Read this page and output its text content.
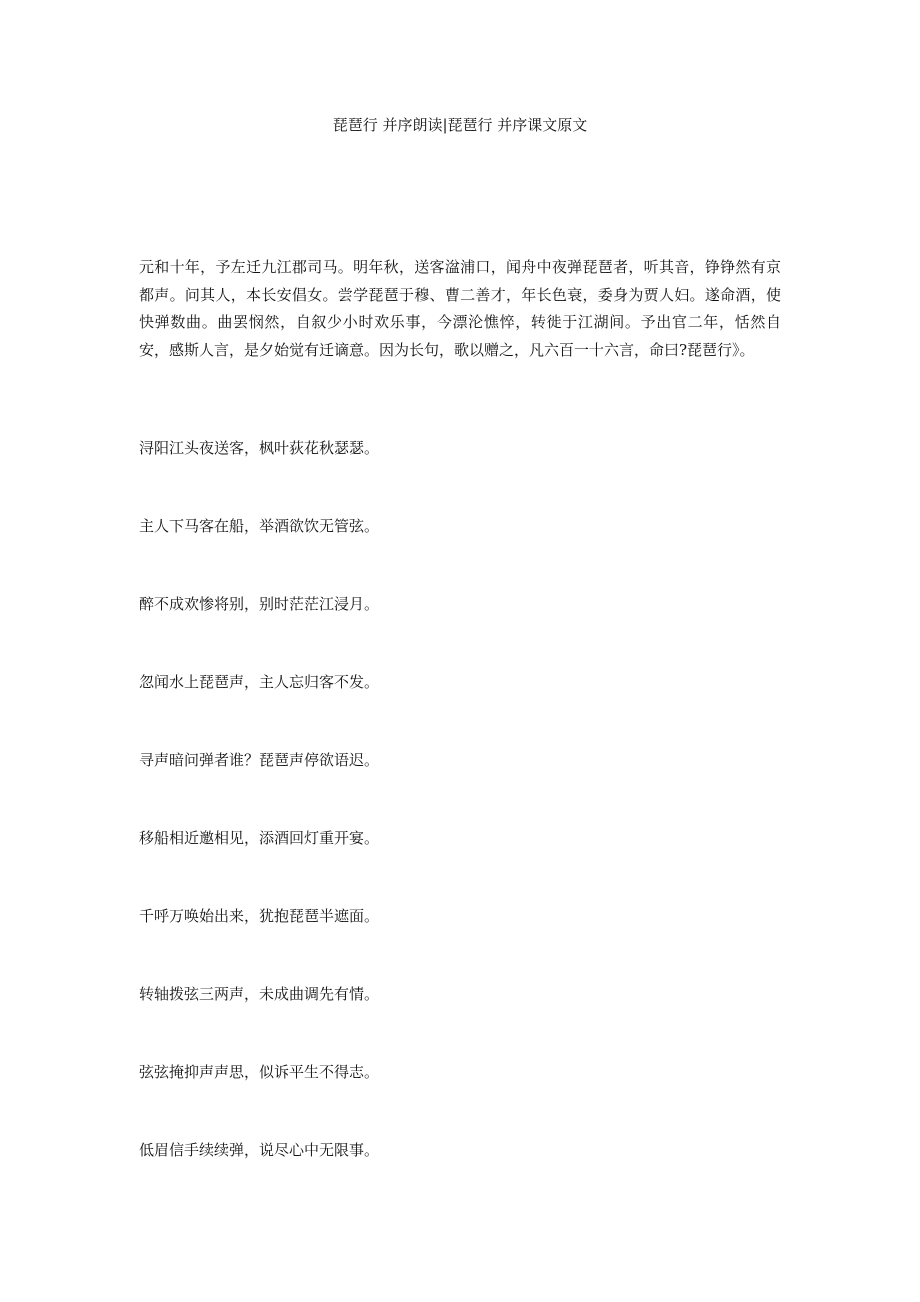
琵琶行 并序朗读|琵琶行 并序课文原文

元和十年，予左迁九江郡司马。明年秋，送客湓浦口，闻舟中夜弹琵琶者，听其音，铮铮然有京都声。问其人，本长安倡女。尝学琵琶于穆、曹二善才，年长色衰，委身为贾人妇。遂命酒，使快弹数曲。曲罢悯然，自叙少小时欢乐事，今漂沦憔悴，转徙于江湖间。予出官二年，恬然自安，感斯人言，是夕始觉有迁谪意。因为长句，歌以赠之，凡六百一十六言，命曰?琵琶行》。

浔阳江头夜送客，枫叶荻花秋瑟瑟。
主人下马客在船，举酒欲饮无管弦。
醉不成欢惨将别，别时茫茫江浸月。
忽闻水上琵琶声，主人忘归客不发。
寻声暗问弹者谁？琵琶声停欲语迟。
移船相近邀相见，添酒回灯重开宴。
千呼万唤始出来，犹抱琵琶半遮面。
转轴拨弦三两声，未成曲调先有情。
弦弦掩抑声声思，似诉平生不得志。
低眉信手续续弹，说尽心中无限事。
